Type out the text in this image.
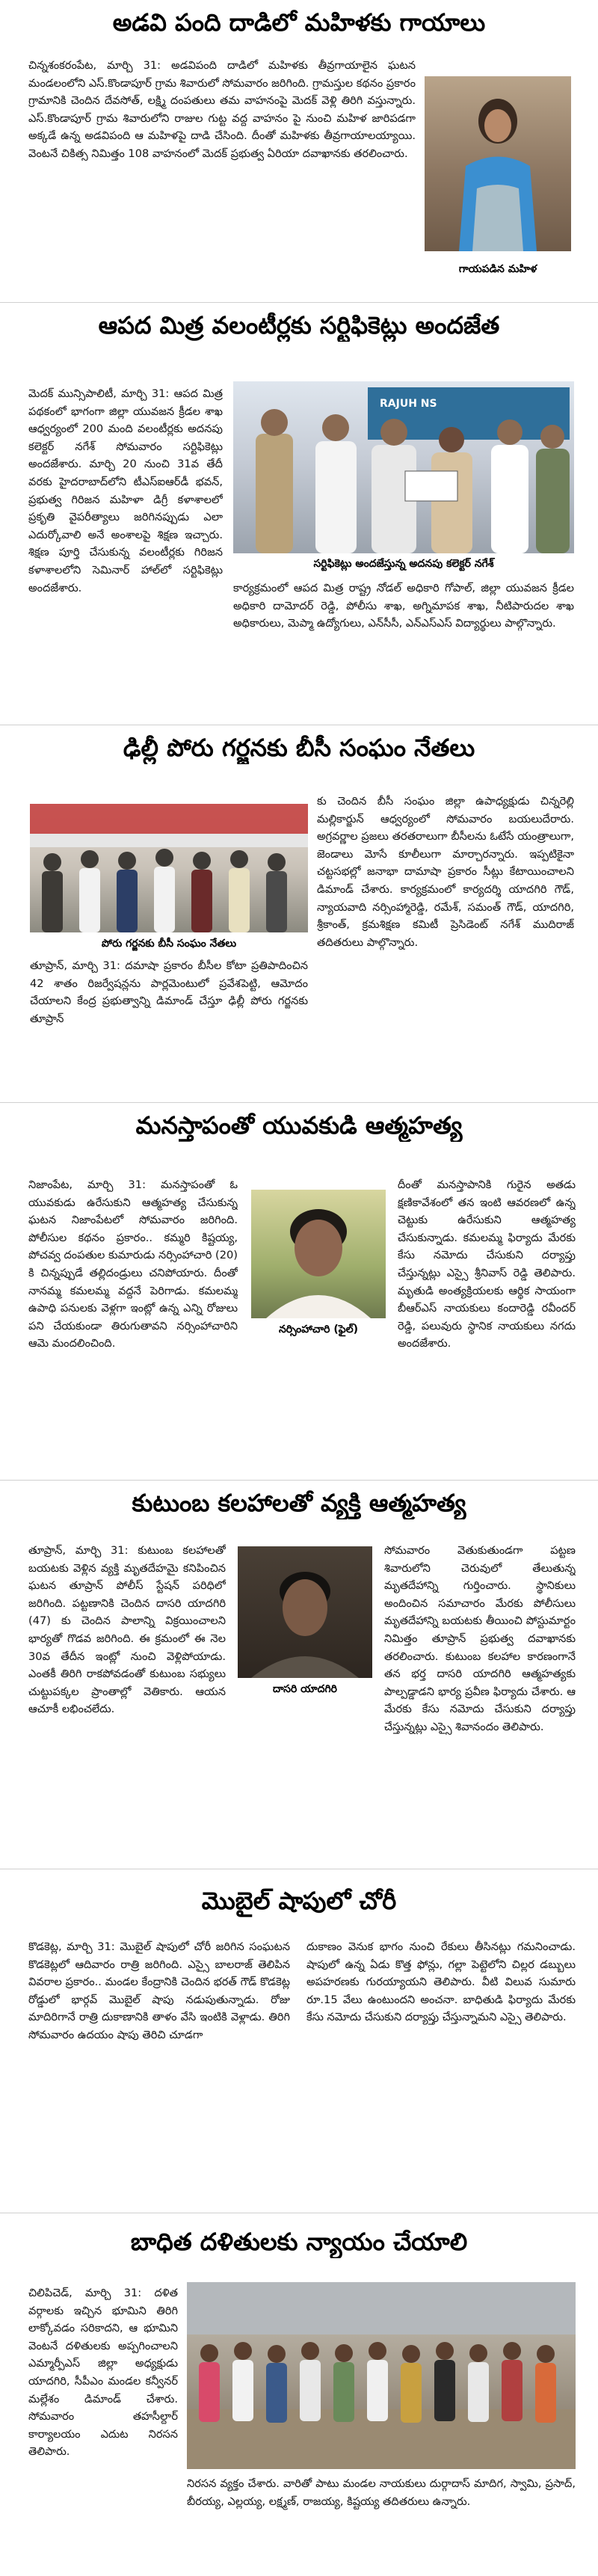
అడవి పంది దాడిలో మహిళకు గాయాలు
చిన్నశంకరంపేట, మార్చి 31: అడవిపంది దాడిలో మహిళకు తీవ్రగాయాలైన ఘటన మండలంలోని ఎస్.కొండాపూర్ గ్రామ శివారులో సోమవారం జరిగింది. గ్రామస్తుల కథనం ప్రకారం గ్రామానికి చెందిన దేవసోత్, లక్ష్మి దంపతులు తమ వాహనంపై మెదక్ వెళ్లి తిరిగి వస్తున్నారు. ఎస్.కొండాపూర్ గ్రామ శివారులోని రాజుల గుట్ట వద్ద వాహనం పై నుంచి మహిళ జారిపడగా అక్కడే ఉన్న అడవిపంది ఆ మహిళపై దాడి చేసింది. దీంతో మహిళకు తీవ్రగాయాలయ్యాయి. వెంటనే చికిత్స నిమిత్తం 108 వాహనంలో మెదక్ ప్రభుత్వ ఏరియా దవాఖానకు తరలించారు.
గాయపడిన మహిళ
ఆపద మిత్ర వలంటీర్లకు సర్టిఫికెట్లు అందజేత
మెదక్ మున్సిపాలిటీ, మార్చి 31: ఆపద మిత్ర పథకంలో భాగంగా జిల్లా యువజన క్రీడల శాఖ ఆధ్వర్యంలో 200 మంది వలంటీర్లకు అదనపు కలెక్టర్ నగేశ్ సోమవారం సర్టిఫికెట్లు అందజేశారు. మార్చి 20 నుంచి 31వ తేదీ వరకు హైదరాబాద్‌లోని టీఎస్ఐఆర్‌డీ భవన్, ప్రభుత్వ గిరిజన మహిళా డిగ్రీ కళాశాలలో ప్రకృతి వైపరీత్యాలు జరిగినప్పుడు ఎలా ఎదుర్కోవాలి అనే అంశాలపై శిక్షణ ఇచ్చారు. శిక్షణ పూర్తి చేసుకున్న వలంటీర్లకు గిరిజన కళాశాలలోని సెమినార్ హాల్‌లో సర్టిఫికెట్లు అందజేశారు.
RAJUH NS
సర్టిఫికెట్లు అందజేస్తున్న అదనపు కలెక్టర్ నగేశ్
కార్యక్రమంలో ఆపద మిత్ర రాష్ట్ర నోడల్ అధికారి గోపాల్, జిల్లా యువజన క్రీడల అధికారి దామోదర్ రెడ్డి, పోలీసు శాఖ, అగ్నిమాపక శాఖ, నీటిపారుదల శాఖ అధికారులు, మెప్మా ఉద్యోగులు, ఎన్‌సీసీ, ఎన్‌ఎస్‌ఎస్ విద్యార్థులు పాల్గొన్నారు.
ఢిల్లీ పోరు గర్జనకు బీసీ సంఘం నేతలు
పోరు గర్జనకు బీసీ సంఘం నేతలు
తూప్రాన్, మార్చి 31: దమాషా ప్రకారం బీసీల కోటా ప్రతిపాదించిన 42 శాతం రిజర్వేషన్లను పార్లమెంటులో ప్రవేశపెట్టి, ఆమోదం చేయాలని కేంద్ర ప్రభుత్వాన్ని డిమాండ్ చేస్తూ ఢిల్లీ పోరు గర్జనకు తూప్రాన్‌
కు చెందిన బీసీ సంఘం జిల్లా ఉపాధ్యక్షుడు చిన్నరెల్లి మల్లికార్జున్ ఆధ్వర్యంలో సోమవారం బయలుదేరారు. అగ్రవర్ణాల ప్రజలు తరతరాలుగా బీసీలను ఓటేసే యంత్రాలుగా, జెండాలు మోసే కూలీలుగా మార్చారన్నారు. ఇప్పటికైనా చట్టసభల్లో జనాభా దామాషా ప్రకారం సీట్లు కేటాయించాలని డిమాండ్ చేశారు. కార్యక్రమంలో కార్యదర్శి యాదగిరి గౌడ్, న్యాయవాది నర్సింహ్మారెడ్డి, రమేశ్, సమంత్ గౌడ్, యాదగిరి, శ్రీకాంత్, క్రమశిక్షణ కమిటీ ప్రెసిడెంట్ నగేశ్ ముదిరాజ్ తదితరులు పాల్గొన్నారు.
మనస్తాపంతో యువకుడి ఆత్మహత్య
నిజాంపేట, మార్చి 31: మనస్తాపంతో ఓ యువకుడు ఉరేసుకుని ఆత్మహత్య చేసుకున్న ఘటన నిజాంపేటలో సోమవారం జరిగింది. పోలీసుల కథనం ప్రకారం.. కమ్మరి కిష్టయ్య, పోచవ్వ దంపతుల కుమారుడు నర్సింహాచారి (20) కి చిన్నప్పుడే తల్లిదండ్రులు చనిపోయారు. దీంతో నానమ్మ కమలమ్మ వద్దనే పెరిగాడు. కమలమ్మ ఉపాధి పనులకు వెళ్లగా ఇంట్లో ఉన్న ఎన్ని రోజులు పని చేయకుండా తిరుగుతావని నర్సింహాచారిని ఆమె మందలించింది.
నర్సింహాచారి (ఫైల్)
దీంతో మనస్తాపానికి గురైన అతడు క్షణికావేశంలో తన ఇంటి ఆవరణలో ఉన్న చెట్టుకు ఉరేసుకుని ఆత్మహత్య చేసుకున్నాడు. కమలమ్మ ఫిర్యాదు మేరకు కేసు నమోదు చేసుకుని దర్యాప్తు చేస్తున్నట్లు ఎస్సై శ్రీనివాస్ రెడ్డి తెలిపారు. మృతుడి అంత్యక్రియలకు ఆర్థిక సాయంగా బీఆర్ఎస్ నాయకులు కందారెడ్డి రవీందర్ రెడ్డి, పలువురు స్థానిక నాయకులు నగదు అందజేశారు.
కుటుంబ కలహాలతో వ్యక్తి ఆత్మహత్య
తూప్రాన్, మార్చి 31: కుటుంబ కలహాలతో బయటకు వెళ్లిన వ్యక్తి మృతదేహమై కనిపించిన ఘటన తూప్రాన్ పోలీస్ స్టేషన్ పరిధిలో జరిగింది. పట్టణానికి చెందిన దాసరి యాదగిరి (47) కు చెందిన పాలాన్ని విక్రయించాలని భార్యతో గొడవ జరిగింది. ఈ క్రమంలో ఈ నెల 30వ తేదీన ఇంట్లో నుంచి వెళ్లిపోయాడు. ఎంతకీ తిరిగి రాకపోవడంతో కుటుంబ సభ్యులు చుట్టుపక్కల ప్రాంతాల్లో వెతికారు. ఆయన ఆచూకీ లభించలేదు.
దాసరి యాదగిరి
సోమవారం వెతుకుతుండగా పట్టణ శివారులోని చెరువులో తేలుతున్న మృతదేహాన్ని గుర్తించారు. స్థానికులు అందించిన సమాచారం మేరకు పోలీసులు మృతదేహాన్ని బయటకు తీయించి పోస్టుమార్టం నిమిత్తం తూప్రాన్ ప్రభుత్వ దవాఖానకు తరలించారు. కుటుంబ కలహాల కారణంగానే తన భర్త దాసరి యాదగిరి ఆత్మహత్యకు పాల్పడ్డాడని భార్య ప్రవీణ ఫిర్యాదు చేశారు. ఆ మేరకు కేసు నమోదు చేసుకుని దర్యాప్తు చేస్తున్నట్లు ఎస్సై శివానందం తెలిపారు.
మొబైల్ షాపులో చోరీ
కొడకెట్ల, మార్చి 31: మొబైల్ షాపులో చోరీ జరిగిన సంఘటన కొడకెట్లలో ఆదివారం రాత్రి జరిగింది. ఎస్సై బాలరాజ్ తెలిపిన వివరాల ప్రకారం.. మండల కేంద్రానికి చెందిన భరత్ గౌడ్ కొడకెట్ల రోడ్డులో భార్గవ్ మొబైల్ షాపు నడుపుతున్నాడు. రోజు మాదిరిగానే రాత్రి దుకాణానికి తాళం వేసి ఇంటికి వెళ్లాడు. తిరిగి సోమవారం ఉదయం షాపు తెరిచి చూడగా
దుకాణం వెనుక భాగం నుంచి రేకులు తీసినట్లు గమనించాడు. షాపులో ఉన్న ఏడు కొత్త ఫోన్లు, గల్లా పెట్టెలోని చిల్లర డబ్బులు అపహరణకు గురయ్యాయని తెలిపారు. వీటి విలువ సుమారు రూ.15 వేలు ఉంటుందని అంచనా. బాధితుడి ఫిర్యాదు మేరకు కేసు నమోదు చేసుకుని దర్యాప్తు చేస్తున్నామని ఎస్సై తెలిపారు.
బాధిత దళితులకు న్యాయం చేయాలి
చిలిపిచెడ్, మార్చి 31: దళిత వర్గాలకు ఇచ్చిన భూమిని తిరిగి లాక్కోవడం సరికాదని, ఆ భూమిని వెంటనే దళితులకు అప్పగించాలని ఎమ్మార్పీఎస్ జిల్లా అధ్యక్షుడు యాదగిరి, సీపీఎం మండల కన్వీనర్ మల్లేశం డిమాండ్ చేశారు. సోమవారం తహసీల్దార్ కార్యాలయం ఎదుట నిరసన తెలిపారు.
నిరసన వ్యక్తం చేశారు. వారితో పాటు మండల నాయకులు దుర్గాదాస్ మాదిగ, స్వామి, ప్రసాద్, బీరయ్య, ఎల్లయ్య, లక్ష్మణ్, రాజయ్య, కిష్టయ్య తదితరులు ఉన్నారు.
